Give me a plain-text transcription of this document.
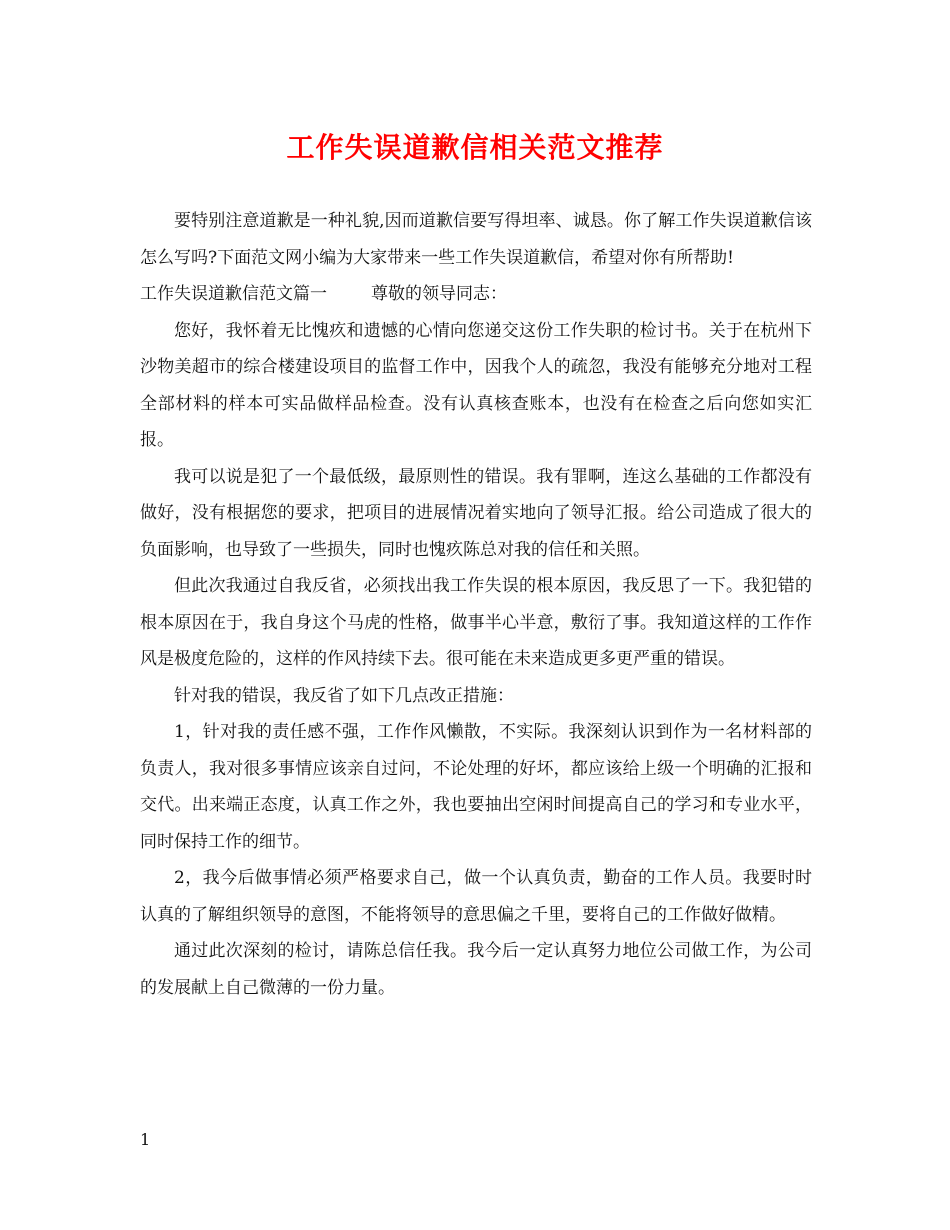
工作失误道歉信相关范文推荐

要特别注意道歉是一种礼貌,因而道歉信要写得坦率、诚恳。你了解工作失误道歉信该怎么写吗?下面范文网小编为大家带来一些工作失误道歉信，希望对你有所帮助!

工作失误道歉信范文篇一	尊敬的领导同志：

您好，我怀着无比愧疚和遗憾的心情向您递交这份工作失职的检讨书。关于在杭州下沙物美超市的综合楼建设项目的监督工作中，因我个人的疏忽，我没有能够充分地对工程全部材料的样本可实品做样品检查。没有认真核查账本，也没有在检查之后向您如实汇报。

我可以说是犯了一个最低级，最原则性的错误。我有罪啊，连这么基础的工作都没有做好，没有根据您的要求，把项目的进展情况着实地向了领导汇报。给公司造成了很大的负面影响，也导致了一些损失，同时也愧疚陈总对我的信任和关照。

但此次我通过自我反省，必须找出我工作失误的根本原因，我反思了一下。我犯错的根本原因在于，我自身这个马虎的性格，做事半心半意，敷衍了事。我知道这样的工作作风是极度危险的，这样的作风持续下去。很可能在未来造成更多更严重的错误。

针对我的错误，我反省了如下几点改正措施：

1，针对我的责任感不强，工作作风懒散，不实际。我深刻认识到作为一名材料部的负责人，我对很多事情应该亲自过问，不论处理的好坏，都应该给上级一个明确的汇报和交代。出来端正态度，认真工作之外，我也要抽出空闲时间提高自己的学习和专业水平，同时保持工作的细节。

2，我今后做事情必须严格要求自己，做一个认真负责，勤奋的工作人员。我要时时认真的了解组织领导的意图，不能将领导的意思偏之千里，要将自己的工作做好做精。

通过此次深刻的检讨，请陈总信任我。我今后一定认真努力地位公司做工作，为公司的发展献上自己微薄的一份力量。

1
